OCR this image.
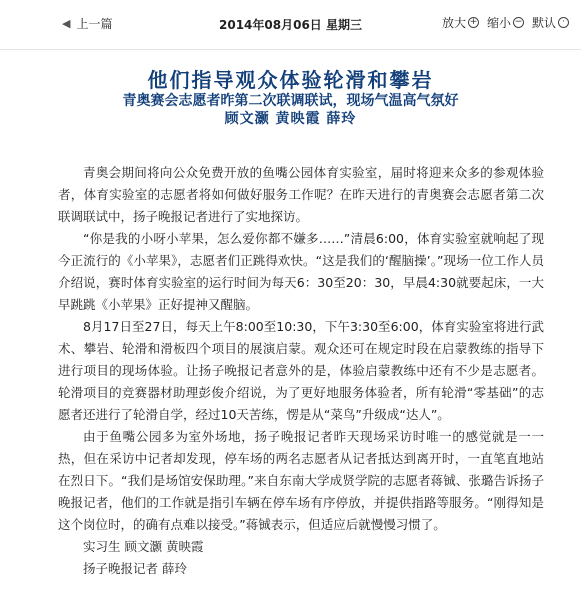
◀ 上一篇	2014年08月06日 星期三	放大 + 缩小 − 默认 ·
他们指导观众体验轮滑和攀岩
青奥赛会志愿者昨第二次联调联试，现场气温高气氛好
顾文灏 黄映霞 薛玲

青奥会期间将向公众免费开放的鱼嘴公园体育实验室，届时将迎来众多的参观体验者，体育实验室的志愿者将如何做好服务工作呢？在昨天进行的青奥赛会志愿者第二次联调联试中，扬子晚报记者进行了实地探访。

“你是我的小呀小苹果，怎么爱你都不嫌多……”清晨6:00，体育实验室就响起了现今正流行的《小苹果》，志愿者们正跳得欢快。“这是我们的‘醒脑操’。”现场一位工作人员介绍说，赛时体育实验室的运行时间为每天6：30至20：30，早晨4:30就要起床，一大早跳跳《小苹果》正好提神又醒脑。

8月17日至27日，每天上午8:00至10:30，下午3:30至6:00，体育实验室将进行武术、攀岩、轮滑和滑板四个项目的展演启蒙。观众还可在规定时段在启蒙教练的指导下进行项目的现场体验。让扬子晚报记者意外的是，体验启蒙教练中还有不少是志愿者。轮滑项目的竞赛器材助理彭俊介绍说，为了更好地服务体验者，所有轮滑“零基础”的志愿者还进行了轮滑自学，经过10天苦练，愣是从“菜鸟”升级成“达人”。

由于鱼嘴公园多为室外场地，扬子晚报记者昨天现场采访时唯一的感觉就是一一热，但在采访中记者却发现，停车场的两名志愿者从记者抵达到离开时，一直笔直地站在烈日下。“我们是场馆安保助理。”来自东南大学成贤学院的志愿者蒋铖、张璐告诉扬子晚报记者，他们的工作就是指引车辆在停车场有序停放，并提供指路等服务。“刚得知是这个岗位时，的确有点难以接受。”蒋铖表示，但适应后就慢慢习惯了。

实习生 顾文灏 黄映霞

扬子晚报记者 薛玲
